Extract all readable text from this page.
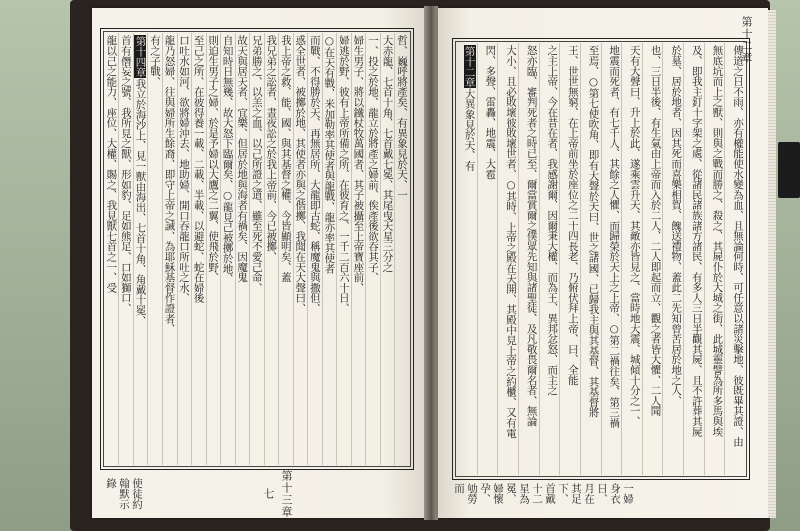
哲、巍呼將產矣、有異象見於天、一
大赤龍、七首十角、七首戴七冕、其尾曳天星三分之
一、投之於地、龍立於將產之婦前、俟產後欲吞其子、
婦生男子、將以鐵杖牧萬國者、其子被攝至上帝寶座前、
婦逃於野、彼有上帝所備之所、在彼育之、一千二百六十日、
○在天有戰、米加勒率其使者與龍戰、龍亦率其使者
而戰、不得勝於天、再無居所、大龍即古蛇、稱魔鬼與撒但、
惑全世者、被擲於地、其使者亦與之偕擲、我聞在天大聲曰、
我上帝之救、能、國、與其基督之權、今皆顯明矣、蓋
我兄弟之訟者、晝夜訟之於我上帝前、今已被擲、
兄弟勝之、以羔之血、以己所證之道、雖至死不愛己命、
故天與居天者、宜樂、但居於地與海者有禍矣、因魔鬼
自知時日無幾、故大怒下臨爾矣、○龍見己被擲於地、
則迫生男子之婦、於是予婦以大鷹之二翼、使飛於野、
至己之所、在彼得養一載、二載、半載、以避蛇、蛇在婦後
口吐水如河、欲將婦沖去、地助婦、開口吞龍口所吐之水、
龍乃怒婦、往與婦所生餘裔、即守上帝之誡、為耶穌基督作證者、
有之子戰、
第十四章我立於海沙上、見一獸由海出、七首十角、角戴十冕、
首有僭妄之號、我所見之獸、形如豹、足如熊足、口如獅口、
龍以己之能力、座位、大權、賜之、我見獸七首之一、受
第十三章
七
使徒約翰默示錄
傳道之日不雨、亦有權能使水變為血、且無論何時、可任意以諸災擊地、彼既畢其證、由
無底坑而上之獸、則與之戰而勝之、殺之、其屍仆於大城之街、此城靈譬為所多馬與埃
及、即我主釘十字架之處、從諸民諸族諸方諸民、有多人三日半觀其屍、且不許葬其屍
於墓、居於地者、因其死而喜樂相賀、餽送禮物、蓋此二先知曾苦居於地之人、
也、三日半後、有生氣由上帝而入於二人、二人即起而立、觀之者皆大懼、二人聞
天有大聲曰、升上於此、遂乘雲升天、其敵亦皆見之、當時地大震、城傾十分之一、
地震而死者、有七千人、其餘之人懼、而歸榮於天上之上帝、○第二禍往矣、第三禍
至焉、○第七使吹角、即有大聲於天曰、世之諸國、已歸我主與其基督、其基督將
王、世世無窮、在上帝前坐於座位之二十四長老、乃俯伏拜上帝、曰、全能
之主上帝、今在昔在者、我感謝爾、因爾秉大權、而為王、異邦忿怒、而主之
怒亦臨、審判死者之時已至、爾當賞爾之僕眾先知與諸聖徒、及凡敬畏爾名者、無論
大小、且必敗壞彼敗壞世者、○其時、上帝之殿在天開、其殿中見上帝之約櫃、又有電
閃、多聲、雷轟、地震、大雹
第十二章大異象見於天、有
第十二章
一婦身衣日、月在其足下、首戴十二星為冕、婦懷孕、劬勞而
